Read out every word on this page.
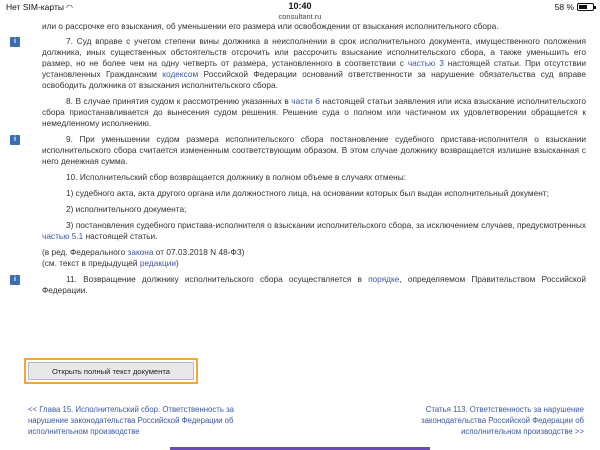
Нет SIM-карты ◠	10:40	58 %
consultant.ru

или о рассрочке его взыскания, об уменьшении его размера или освобождении от взыскания исполнительного сбора.

i	7. Суд вправе с учетом степени вины должника в неисполнении в срок исполнительного документа, имущественного положения должника, иных существенных обстоятельств отсрочить или рассрочить взыскание исполнительского сбора, а также уменьшить его размер, но не более чем на одну четверть от размера, установленного в соответствии с частью 3 настоящей статьи. При отсутствии установленных Гражданским кодексом Российской Федерации оснований ответственности за нарушение обязательства суд вправе освободить должника от взыскания исполнительского сбора.

8. В случае принятия судом к рассмотрению указанных в части 6 настоящей статьи заявления или иска взыскание исполнительского сбора приостанавливается до вынесения судом решения. Решение суда о полном или частичном их удовлетворении обращается к немедленному исполнению.

i	9. При уменьшении судом размера исполнительского сбора постановление судебного пристава-исполнителя о взыскании исполнительского сбора считается измененным соответствующим образом. В этом случае должнику возвращается излишне взысканная с него денежная сумма.

10. Исполнительский сбор возвращается должнику в полном объеме в случаях отмены:

1) судебного акта, акта другого органа или должностного лица, на основании которых был выдан исполнительный документ;

2) исполнительного документа;

3) постановления судебного пристава-исполнителя о взыскании исполнительского сбора, за исключением случаев, предусмотренных частью 5.1 настоящей статьи.

(в ред. Федерального закона от 07.03.2018 N 48-ФЗ)

(см. текст в предыдущей редакции)

i	11. Возвращение должнику исполнительского сбора осуществляется в порядке, определяемом Правительством Российской Федерации.

Открыть полный текст документа
<< Глава 15. Исполнительский сбор. Ответственность за нарушение законодательства Российской Федерации об исполнительном производстве
Статья 113. Ответственность за нарушение законодательства Российской Федерации об исполнительном производстве >>
